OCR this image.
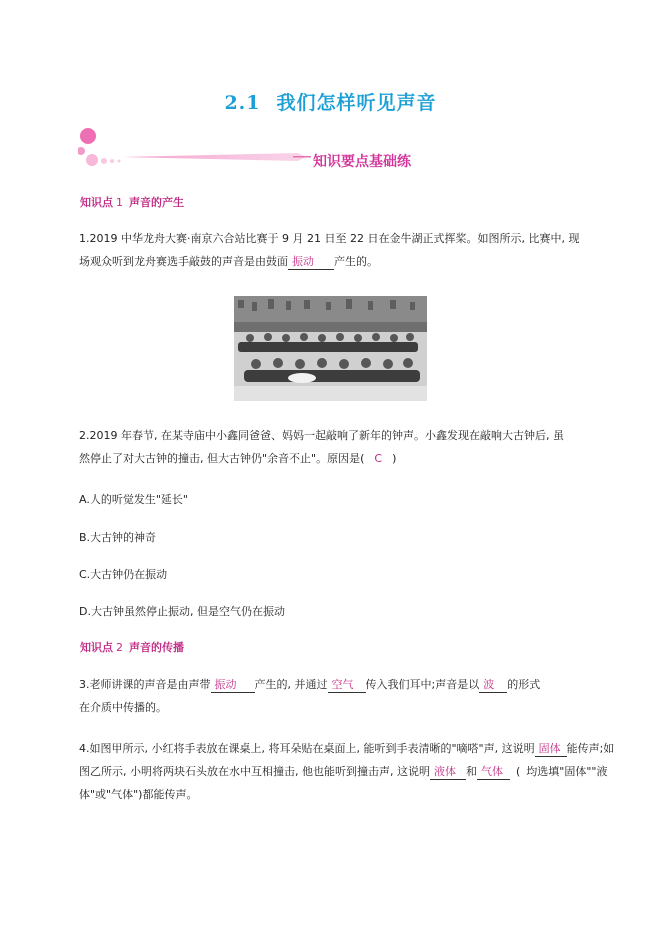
2.1 我们怎样听见声音
知识要点基础练
知识点 1 声音的产生
1.2019 中华龙舟大赛·南京六合站比赛于 9 月 21 日至 22 日在金牛湖正式挥桨。如图所示, 比赛中, 现
场观众听到龙舟赛选手敲鼓的声音是由鼓面 振动 产生的。
2.2019 年春节, 在某寺庙中小鑫同爸爸、妈妈一起敲响了新年的钟声。小鑫发现在敲响大古钟后, 虽
然停止了对大古钟的撞击, 但大古钟仍"余音不止"。原因是( C )
A.人的听觉发生"延长"
B.大古钟的神奇
C.大古钟仍在振动
D.大古钟虽然停止振动, 但是空气仍在振动
知识点 2 声音的传播
3.老师讲课的声音是由声带 振动 产生的, 并通过 空气 传入我们耳中;声音是以 波 的形式
在介质中传播的。
4.如图甲所示, 小红将手表放在课桌上, 将耳朵贴在桌面上, 能听到手表清晰的"嘀嗒"声, 这说明 固体 能传声;如图乙所示, 小明将两块石头放在水中互相撞击, 他也能听到撞击声, 这说明 液体 和 气体 ( 均选填"固体""液体"或"气体")都能传声。
